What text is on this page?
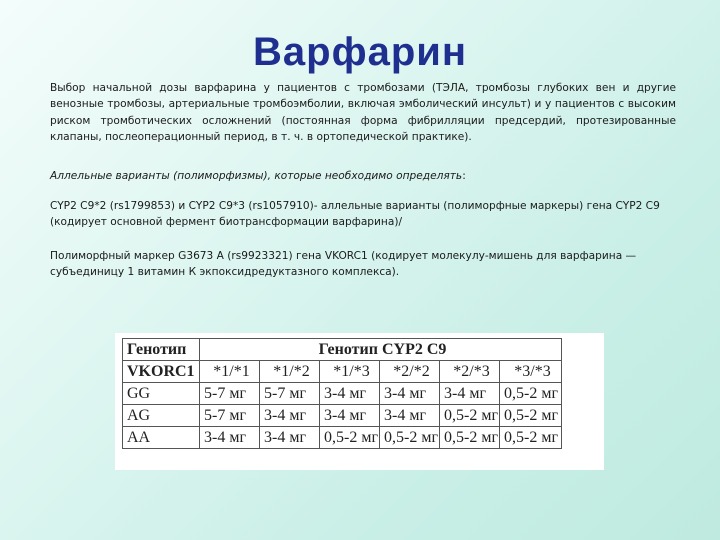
Варфарин

Выбор начальной дозы варфарина у пациентов с тромбозами (ТЭЛА, тромбозы глубоких вен и другие венозные тромбозы, артериальные тромбоэмболии, включая эмболический инсульт) и у пациентов с высоким риском тромботических осложнений (постоянная форма фибрилляции предсердий, протезированные клапаны, послеоперационный период, в т. ч. в ортопедической практике).

Аллельные варианты (полиморфизмы), которые необходимо определять:

CYP2 C9*2 (rs1799853) и CYP2 C9*3 (rs1057910)- аллельные варианты (полиморфные маркеры) гена CYP2 C9 (кодирует основной фермент биотрансформации варфарина)/

Полиморфный маркер G3673 A (rs9923321) гена VKORC1 (кодирует молекулу-мишень для варфарина — субъединицу 1 витамин К экпоксидредуктазного комплекса).

Генотип	Генотип CYP2 C9					
VKORC1	*1/*1	*1/*2	*1/*3	*2/*2	*2/*3	*3/*3
GG	5-7 мг	5-7 мг	3-4 мг	3-4 мг	3-4 мг	0,5-2 мг
AG	5-7 мг	3-4 мг	3-4 мг	3-4 мг	0,5-2 мг	0,5-2 мг
AA	3-4 мг	3-4 мг	0,5-2 мг	0,5-2 мг	0,5-2 мг	0,5-2 мг
